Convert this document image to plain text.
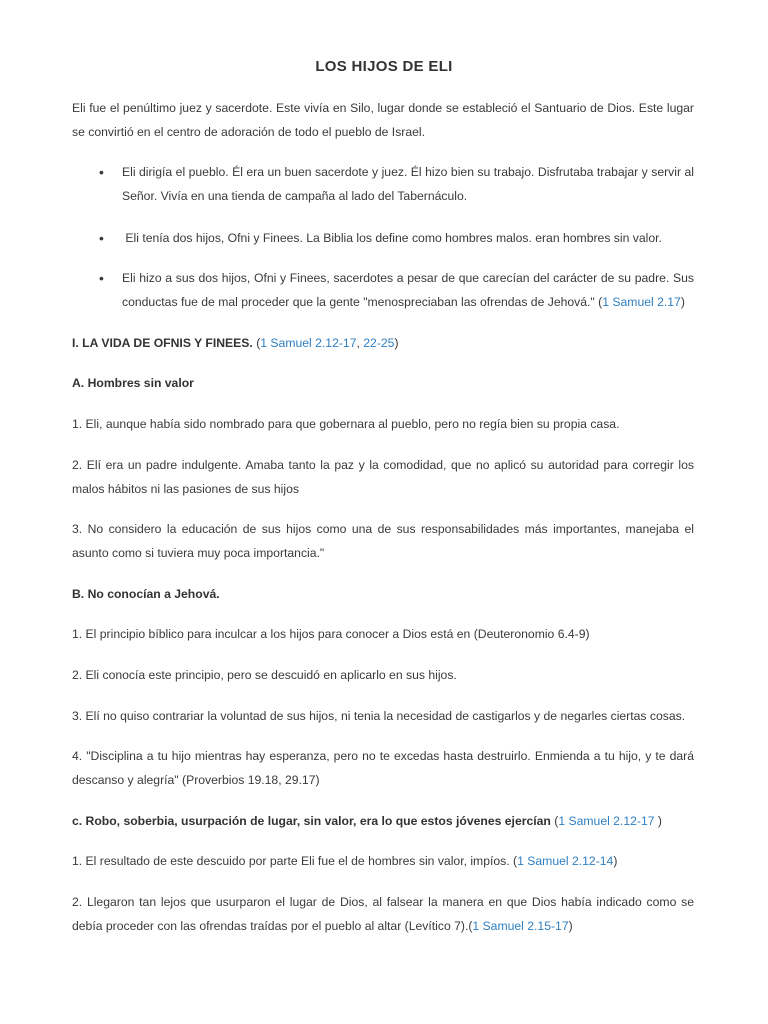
LOS HIJOS DE ELI
Eli fue el penúltimo juez y sacerdote. Este vivía en Silo, lugar donde se estableció el Santuario de Dios. Este lugar se convirtió en el centro de adoración de todo el pueblo de Israel.
• Eli dirigía el pueblo. Él era un buen sacerdote y juez. Él hizo bien su trabajo. Disfrutaba trabajar y servir al Señor. Vivía en una tienda de campaña al lado del Tabernáculo.
• Eli tenía dos hijos, Ofni y Finees. La Biblia los define como hombres malos. eran hombres sin valor.
• Eli hizo a sus dos hijos, Ofni y Finees, sacerdotes a pesar de que carecían del carácter de su padre. Sus conductas fue de mal proceder que la gente "menospreciaban las ofrendas de Jehová." (1 Samuel 2.17)
I. LA VIDA DE OFNIS Y FINEES. (1 Samuel 2.12-17, 22-25)
A. Hombres sin valor
1. Eli, aunque había sido nombrado para que gobernara al pueblo, pero no regía bien su propia casa.
2. Elí era un padre indulgente. Amaba tanto la paz y la comodidad, que no aplicó su autoridad para corregir los malos hábitos ni las pasiones de sus hijos
3. No considero la educación de sus hijos como una de sus responsabilidades más importantes, manejaba el asunto como si tuviera muy poca importancia."
B. No conocían a Jehová.
1. El principio bíblico para inculcar a los hijos para conocer a Dios está en (Deuteronomio 6.4-9)
2. Eli conocía este principio, pero se descuidó en aplicarlo en sus hijos.
3. Elí no quiso contrariar la voluntad de sus hijos, ni tenia la necesidad de castigarlos y de negarles ciertas cosas.
4. "Disciplina a tu hijo mientras hay esperanza, pero no te excedas hasta destruirlo. Enmienda a tu hijo, y te dará descanso y alegría" (Proverbios 19.18, 29.17)
c. Robo, soberbia, usurpación de lugar, sin valor, era lo que estos jóvenes ejercían (1 Samuel 2.12-17 )
1. El resultado de este descuido por parte Eli fue el de hombres sin valor, impíos. (1 Samuel 2.12-14)
2. Llegaron tan lejos que usurparon el lugar de Dios, al falsear la manera en que Dios había indicado como se debía proceder con las ofrendas traídas por el pueblo al altar (Levítico 7).(1 Samuel 2.15-17)
